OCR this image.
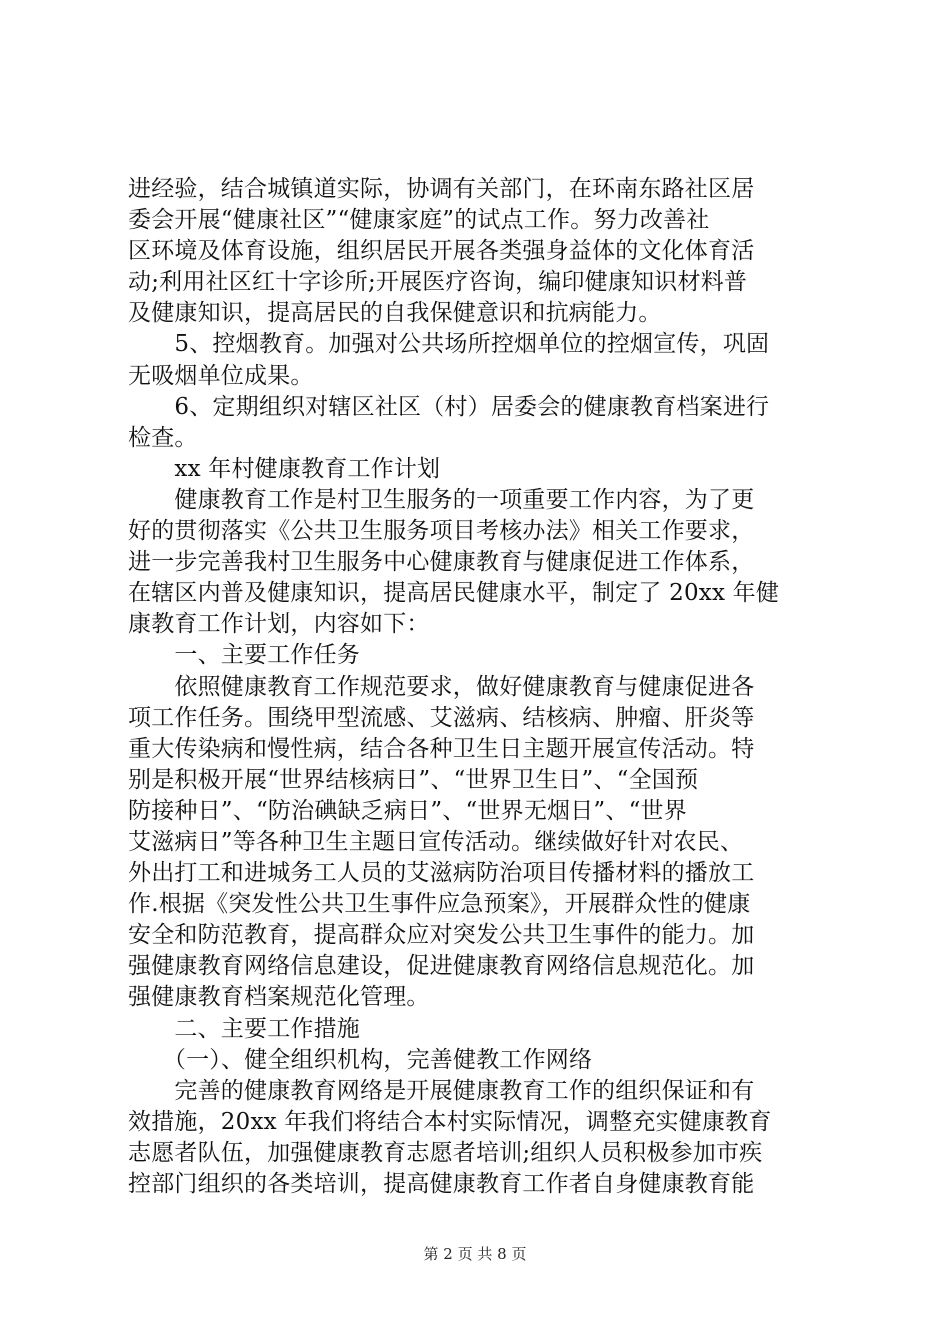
进经验，结合城镇道实际，协调有关部门，在环南东路社区居
委会开展“健康社区”“健康家庭”的试点工作。努力改善社
区环境及体育设施，组织居民开展各类强身益体的文化体育活
动;利用社区红十字诊所;开展医疗咨询，编印健康知识材料普
及健康知识，提高居民的自我保健意识和抗病能力。
　　5、控烟教育。加强对公共场所控烟单位的控烟宣传，巩固
无吸烟单位成果。
　　6、定期组织对辖区社区（村）居委会的健康教育档案进行
检查。
　　xx 年村健康教育工作计划
　　健康教育工作是村卫生服务的一项重要工作内容，为了更
好的贯彻落实《公共卫生服务项目考核办法》相关工作要求，
进一步完善我村卫生服务中心健康教育与健康促进工作体系，
在辖区内普及健康知识，提高居民健康水平，制定了 20xx 年健
康教育工作计划，内容如下：
　　一、主要工作任务
　　依照健康教育工作规范要求，做好健康教育与健康促进各
项工作任务。围绕甲型流感、艾滋病、结核病、肿瘤、肝炎等
重大传染病和慢性病，结合各种卫生日主题开展宣传活动。特
别是积极开展“世界结核病日”、“世界卫生日”、“全国预
防接种日”、“防治碘缺乏病日”、“世界无烟日”、“世界
艾滋病日”等各种卫生主题日宣传活动。继续做好针对农民、
外出打工和进城务工人员的艾滋病防治项目传播材料的播放工
作.根据《突发性公共卫生事件应急预案》，开展群众性的健康
安全和防范教育，提高群众应对突发公共卫生事件的能力。加
强健康教育网络信息建设，促进健康教育网络信息规范化。加
强健康教育档案规范化管理。
　　二、主要工作措施
　　（一）、健全组织机构，完善健教工作网络
　　完善的健康教育网络是开展健康教育工作的组织保证和有
效措施，20xx 年我们将结合本村实际情况，调整充实健康教育
志愿者队伍，加强健康教育志愿者培训;组织人员积极参加市疾
控部门组织的各类培训，提高健康教育工作者自身健康教育能
第 2 页 共 8 页
